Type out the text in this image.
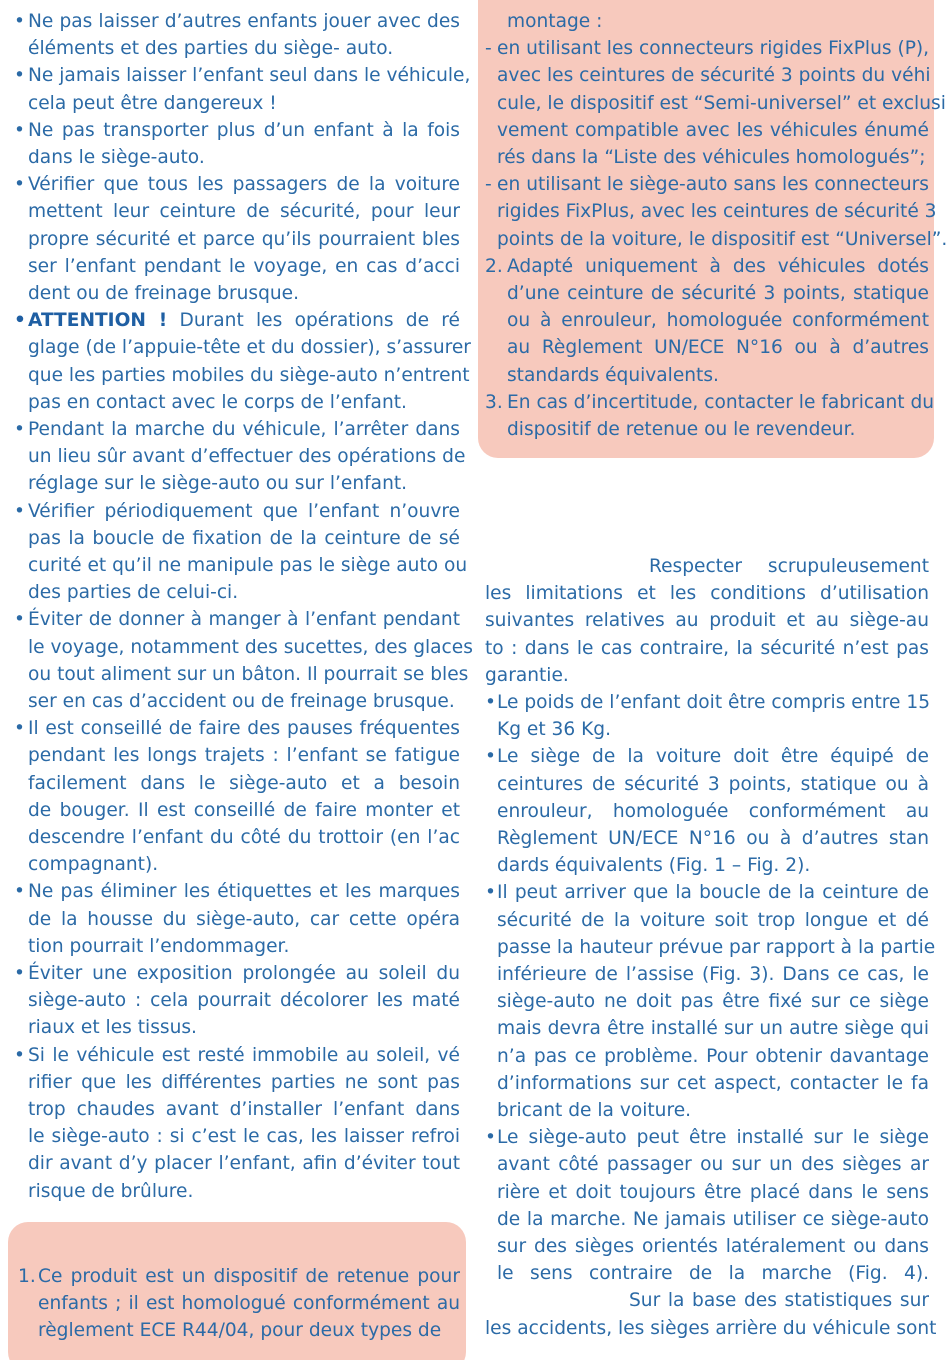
• Ne pas laisser d’autres enfants jouer avec des
éléments et des parties du siège- auto.
• Ne jamais laisser l’enfant seul dans le véhicule,
cela peut être dangereux !
• Ne pas transporter plus d’un enfant à la fois
dans le siège-auto.
• Vérifier que tous les passagers de la voiture
mettent leur ceinture de sécurité, pour leur
propre sécurité et parce qu’ils pourraient bles
ser l’enfant pendant le voyage, en cas d’acci
dent ou de freinage brusque.
• ATTENTION ! Durant les opérations de ré
glage (de l’appuie-tête et du dossier), s’assurer
que les parties mobiles du siège-auto n’entrent
pas en contact avec le corps de l’enfant.
• Pendant la marche du véhicule, l’arrêter dans
un lieu sûr avant d’effectuer des opérations de
réglage sur le siège-auto ou sur l’enfant.
• Vérifier périodiquement que l’enfant n’ouvre
pas la boucle de fixation de la ceinture de sé
curité et qu’il ne manipule pas le siège auto ou
des parties de celui-ci.
• Éviter de donner à manger à l’enfant pendant
le voyage, notamment des sucettes, des glaces
ou tout aliment sur un bâton. Il pourrait se bles
ser en cas d’accident ou de freinage brusque.
• Il est conseillé de faire des pauses fréquentes
pendant les longs trajets : l’enfant se fatigue
facilement dans le siège-auto et a besoin
de bouger. Il est conseillé de faire monter et
descendre l’enfant du côté du trottoir (en l’ac
compagnant).
• Ne pas éliminer les étiquettes et les marques
de la housse du siège-auto, car cette opéra
tion pourrait l’endommager.
• Éviter une exposition prolongée au soleil du
siège-auto : cela pourrait décolorer les maté
riaux et les tissus.
• Si le véhicule est resté immobile au soleil, vé
rifier que les différentes parties ne sont pas
trop chaudes avant d’installer l’enfant dans
le siège-auto : si c’est le cas, les laisser refroi
dir avant d’y placer l’enfant, afin d’éviter tout
risque de brûlure.
1. Ce produit est un dispositif de retenue pour
enfants ; il est homologué conformément au
règlement ECE R44/04, pour deux types de
montage :
- en utilisant les connecteurs rigides FixPlus (P),
avec les ceintures de sécurité 3 points du véhi
cule, le dispositif est “Semi-universel” et exclusi
vement compatible avec les véhicules énumé
rés dans la “Liste des véhicules homologués”;
- en utilisant le siège-auto sans les connecteurs
rigides FixPlus, avec les ceintures de sécurité 3
points de la voiture, le dispositif est “Universel”.
2. Adapté uniquement à des véhicules dotés
d’une ceinture de sécurité 3 points, statique
ou à enrouleur, homologuée conformément
au Règlement UN/ECE N°16 ou à d’autres
standards équivalents.
3. En cas d’incertitude, contacter le fabricant du
dispositif de retenue ou le revendeur.
Respecter scrupuleusement
les limitations et les conditions d’utilisation
suivantes relatives au produit et au siège-au
to : dans le cas contraire, la sécurité n’est pas
garantie.
• Le poids de l’enfant doit être compris entre 15
Kg et 36 Kg.
• Le siège de la voiture doit être équipé de
ceintures de sécurité 3 points, statique ou à
enrouleur, homologuée conformément au
Règlement UN/ECE N°16 ou à d’autres stan
dards équivalents (Fig. 1 – Fig. 2).
• Il peut arriver que la boucle de la ceinture de
sécurité de la voiture soit trop longue et dé
passe la hauteur prévue par rapport à la partie
inférieure de l’assise (Fig. 3). Dans ce cas, le
siège-auto ne doit pas être fixé sur ce siège
mais devra être installé sur un autre siège qui
n’a pas ce problème. Pour obtenir davantage
d’informations sur cet aspect, contacter le fa
bricant de la voiture.
• Le siège-auto peut être installé sur le siège
avant côté passager ou sur un des sièges ar
rière et doit toujours être placé dans le sens
de la marche. Ne jamais utiliser ce siège-auto
sur des sièges orientés latéralement ou dans
le sens contraire de la marche (Fig. 4).
Sur la base des statistiques sur
les accidents, les sièges arrière du véhicule sont
